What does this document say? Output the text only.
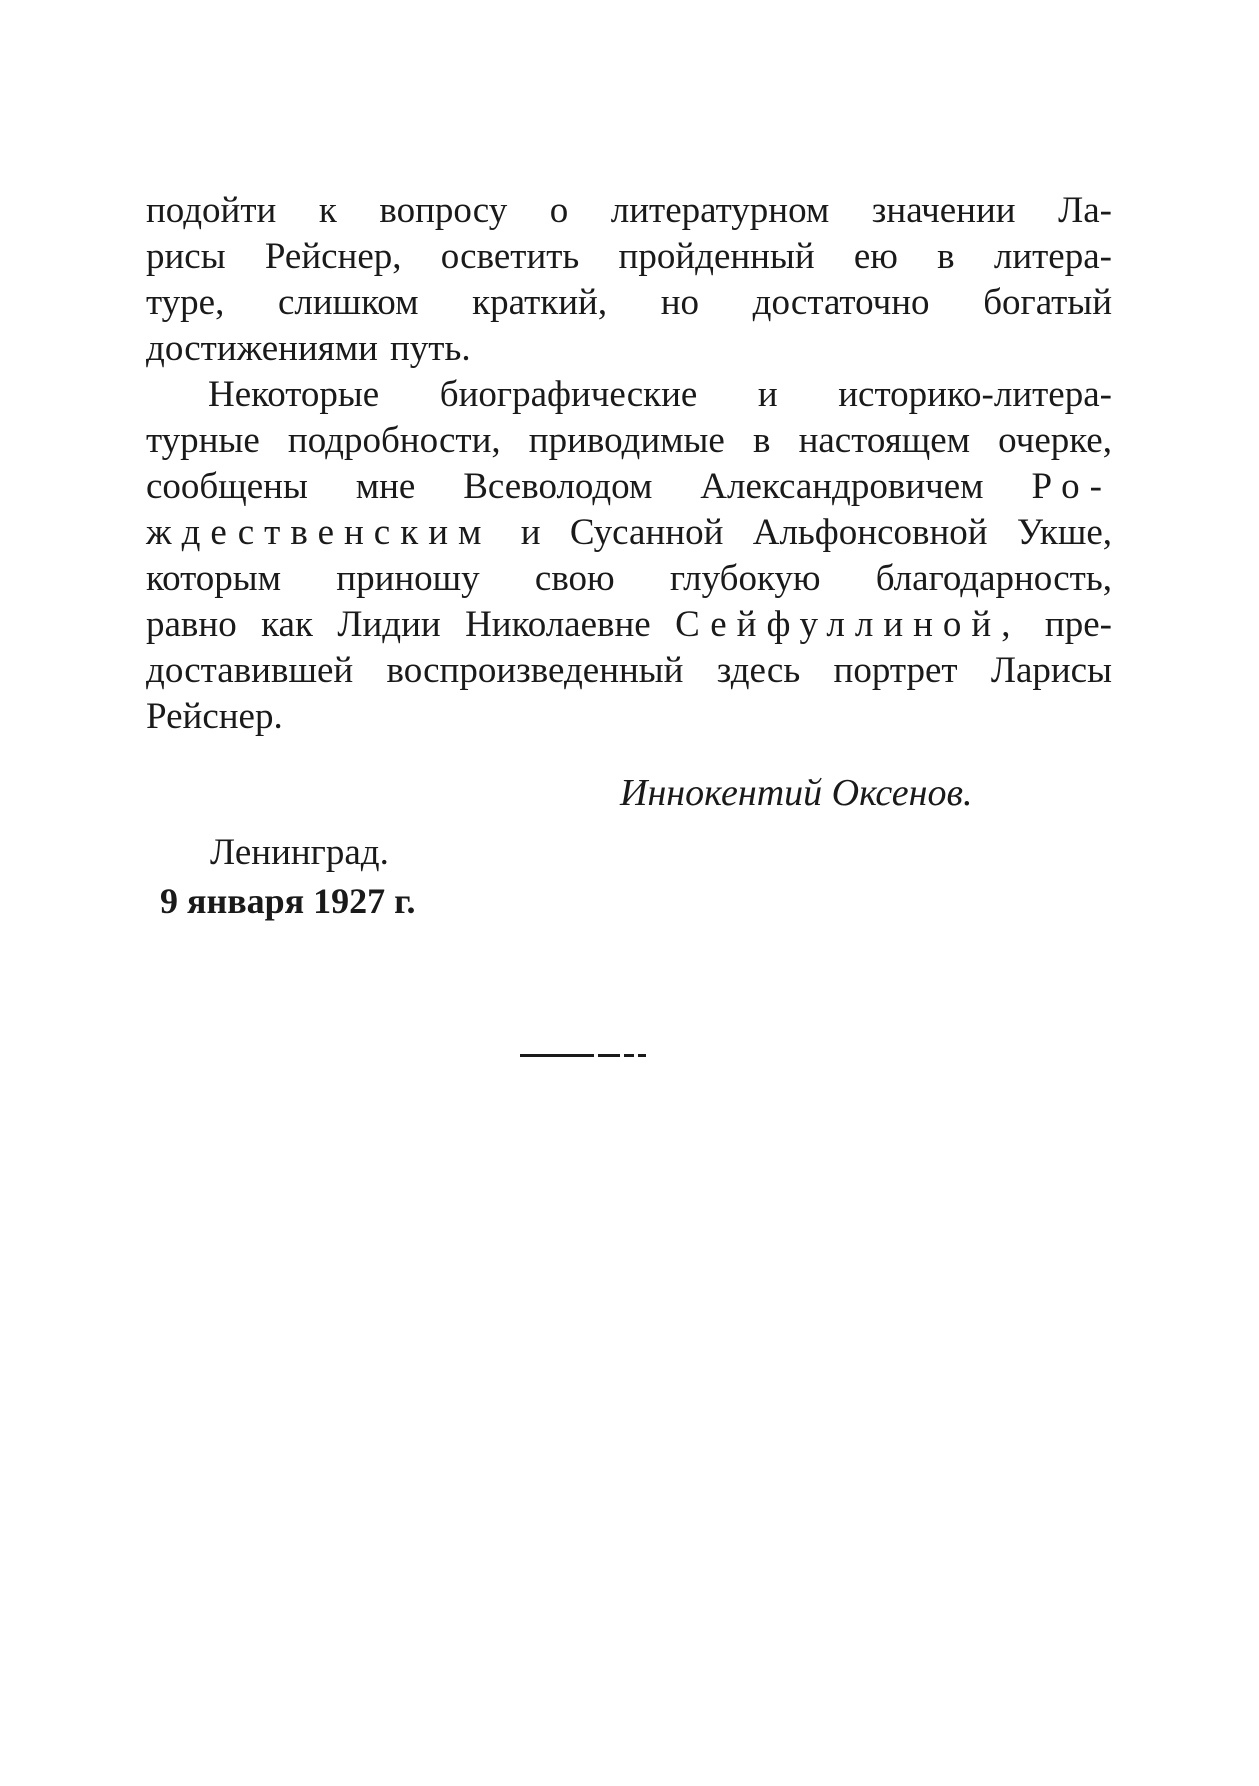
подойти к вопросу о литературном значении Ла-
рисы Рейснер, осветить пройденный ею в литера-
туре, слишком краткий, но достаточно богатый
достижениями путь.
Некоторые биографические и историко-литера-
турные подробности, приводимые в настоящем очерке,
сообщены мне Всеволодом Александровичем Ро-
ждественским и Сусанной Альфонсовной Укше,
которым приношу свою глубокую благодарность,
равно как Лидии Николаевне Сейфуллиной, пре-
доставившей воспроизведенный здесь портрет Ларисы
Рейснер.
Иннокентий Оксенов.
Ленинград.
9 января 1927 г.
